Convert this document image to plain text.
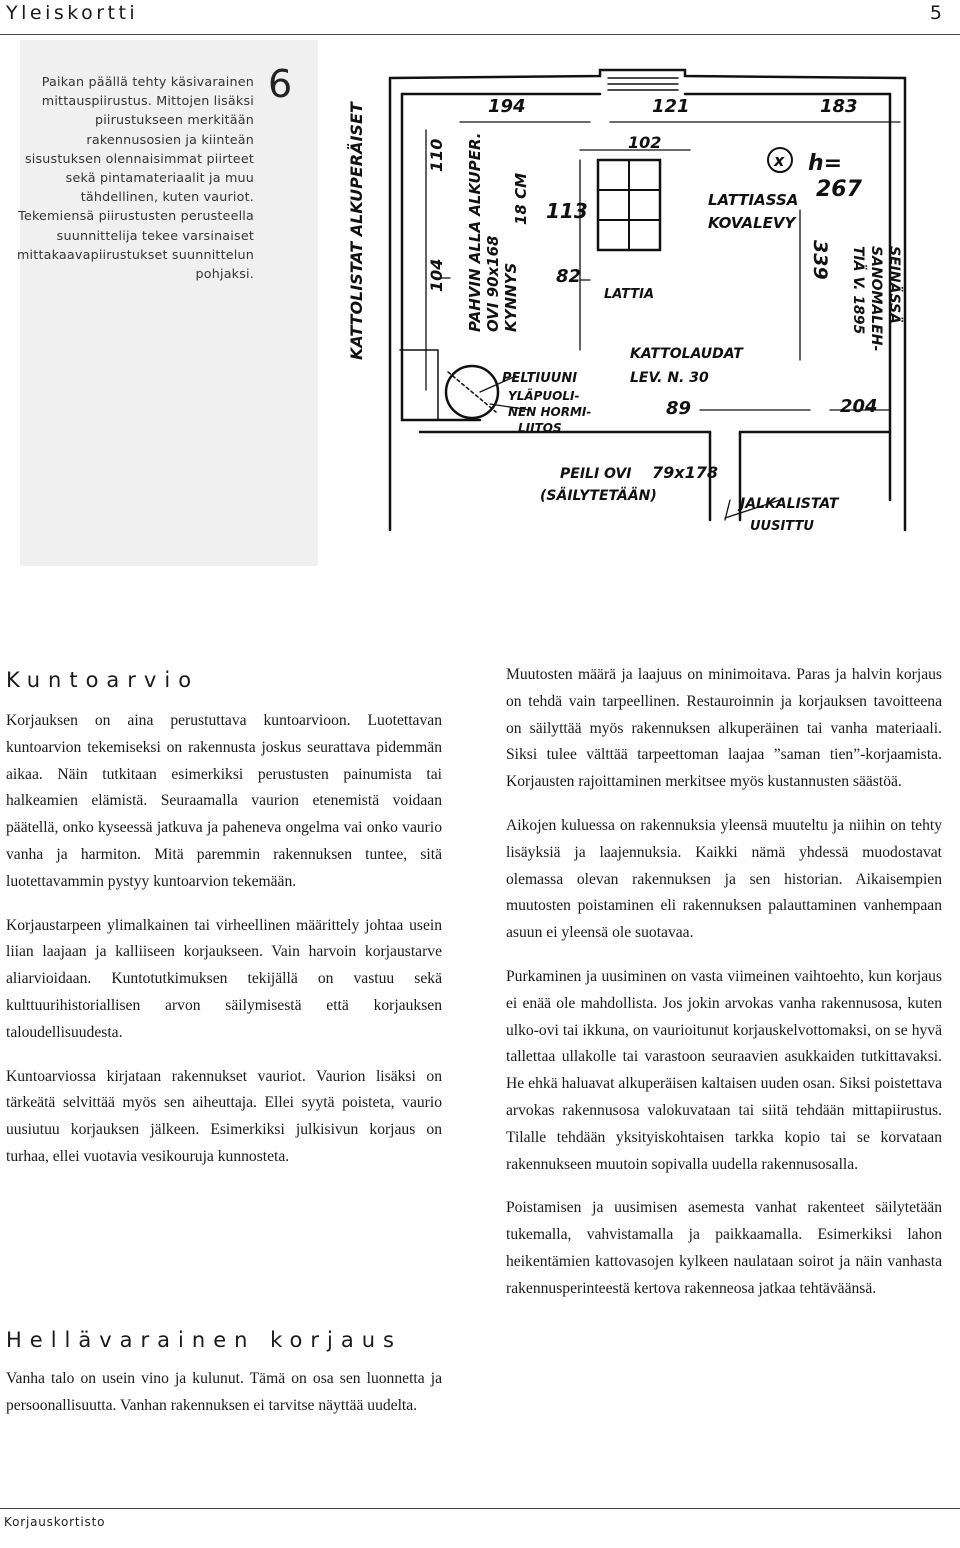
Yleiskortti	5
Paikan päällä tehty käsivarainen mittauspiirustus. Mittojen lisäksi piirustukseen merkitään rakennusosien ja kiinteän sisustuksen olennaisimmat piirteet sekä pintamateriaalit ja muu tähdellinen, kuten vauriot. Tekemiensä piirustusten perusteella suunnittelija tekee varsinaiset mittakaavapiirustukset suunnittelun pohjaksi.
6
KATTOLISTAT ALKUPERÄISET	194	121	183
102
h=
267
x
110
104 PAHVIN ALLA ALKUPER. OVI 90x168 KYNNYS
18 CM 113
82
LATTIA
LATTIASSA
KOVALEVY
339	SEINÄSSÄ
SANOMALEH-
TIÄ V. 1895
KATTOLAUDAT
LEV. N. 30
PELTIUUNI
YLÄPUOLI-
NEN HORMI-
LIITOS
89	204
PEILI OVI 79x178
(SÄILYTETÄÄN)	JALKALISTAT
UUSITTU
Kuntoarvio

Korjauksen on aina perustuttava kuntoarvioon. Luotettavan kuntoarvion tekemiseksi on rakennusta joskus seurattava pidemmän aikaa. Näin tutkitaan esimerkiksi perustusten painumista tai halkeamien elämistä. Seuraamalla vaurion etenemistä voidaan päätellä, onko kyseessä jatkuva ja paheneva ongelma vai onko vaurio vanha ja harmiton. Mitä paremmin rakennuksen tuntee, sitä luotettavammin pystyy kuntoarvion tekemään.

Korjaustarpeen ylimalkainen tai virheellinen määrittely johtaa usein liian laajaan ja kalliiseen korjaukseen. Vain harvoin korjaustarve aliarvioidaan. Kuntotutkimuksen tekijällä on vastuu sekä kulttuurihistoriallisen arvon säilymisestä että korjauksen taloudellisuudesta.

Kuntoarviossa kirjataan rakennukset vauriot. Vaurion lisäksi on tärkeätä selvittää myös sen aiheuttaja. Ellei syytä poisteta, vaurio uusiutuu korjauksen jälkeen. Esimerkiksi julkisivun korjaus on turhaa, ellei vuotavia vesikouruja kunnosteta.

Hellävarainen korjaus

Vanha talo on usein vino ja kulunut. Tämä on osa sen luonnetta ja persoonallisuutta. Vanhan rakennuksen ei tarvitse näyttää uudelta.

Muutosten määrä ja laajuus on minimoitava. Paras ja halvin korjaus on tehdä vain tarpeellinen. Restauroinnin ja korjauksen tavoitteena on säilyttää myös rakennuksen alkuperäinen tai vanha materiaali. Siksi tulee välttää tarpeettoman laajaa ”saman tien”-korjaamista. Korjausten rajoittaminen merkitsee myös kustannusten säästöä.

Aikojen kuluessa on rakennuksia yleensä muuteltu ja niihin on tehty lisäyksiä ja laajennuksia. Kaikki nämä yhdessä muodostavat olemassa olevan rakennuksen ja sen historian. Aikaisempien muutosten poistaminen eli rakennuksen palauttaminen vanhempaan asuun ei yleensä ole suotavaa.

Purkaminen ja uusiminen on vasta viimeinen vaihtoehto, kun korjaus ei enää ole mahdollista. Jos jokin arvokas vanha rakennusosa, kuten ulko-ovi tai ikkuna, on vaurioitunut korjauskelvottomaksi, on se hyvä tallettaa ullakolle tai varastoon seuraavien asukkaiden tutkittavaksi. He ehkä haluavat alkuperäisen kaltaisen uuden osan. Siksi poistettava arvokas rakennusosa valokuvataan tai siitä tehdään mittapiirustus. Tilalle tehdään yksityiskohtaisen tarkka kopio tai se korvataan rakennukseen muutoin sopivalla uudella rakennusosalla.

Poistamisen ja uusimisen asemesta vanhat rakenteet säilytetään tukemalla, vahvistamalla ja paikkaamalla. Esimerkiksi lahon heikentämien kattovasojen kylkeen naulataan soirot ja näin vanhasta rakennusperinteestä kertova rakenneosa jatkaa tehtäväänsä.

Korjauskortisto
